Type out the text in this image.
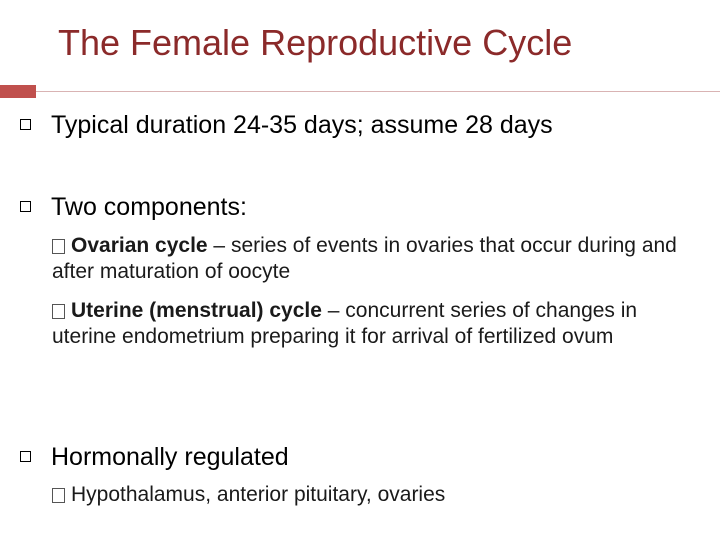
The Female Reproductive Cycle
Typical duration 24-35 days; assume 28 days
Two components:
Ovarian cycle – series of events in ovaries that occur during and after maturation of oocyte
Uterine (menstrual) cycle – concurrent series of changes in uterine endometrium preparing it for arrival of fertilized ovum
Hormonally regulated
Hypothalamus, anterior pituitary, ovaries
